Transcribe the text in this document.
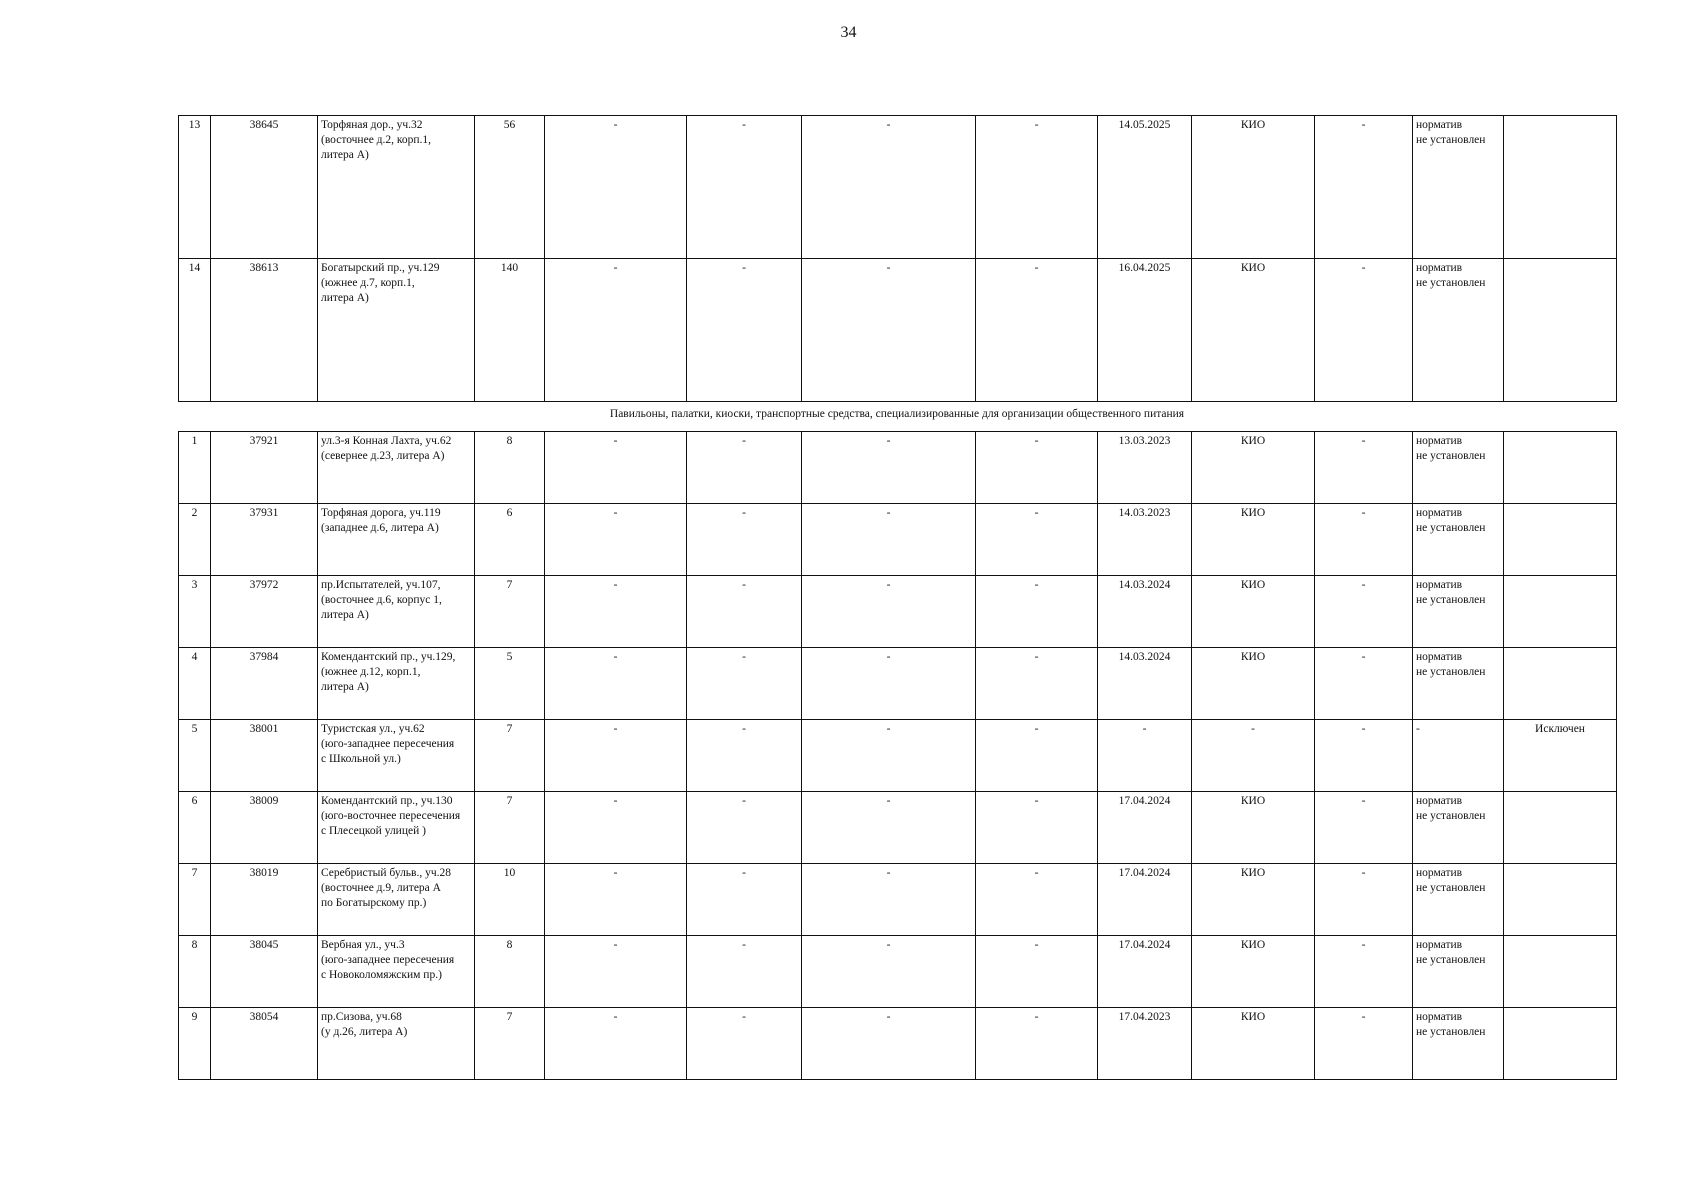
34
13	38645	Торфяная дор., уч.32
(восточнее д.2, корп.1,
литера А)	56	-	-	-	-	14.05.2025	КИО	-	норматив
не установлен	
14	38613	Богатырский пр., уч.129
(южнее д.7, корп.1,
литера А)	140	-	-	-	-	16.04.2025	КИО	-	норматив
не установлен	
Павильоны, палатки, киоски, транспортные средства, специализированные для организации общественного питания
1	37921	ул.3-я Конная Лахта, уч.62
(севернее д.23, литера А)	8	-	-	-	-	13.03.2023	КИО	-	норматив
не установлен	
2	37931	Торфяная дорога, уч.119
(западнее д.6, литера А)	6	-	-	-	-	14.03.2023	КИО	-	норматив
не установлен	
3	37972	пр.Испытателей, уч.107,
(восточнее д.6, корпус 1,
литера А)	7	-	-	-	-	14.03.2024	КИО	-	норматив
не установлен	
4	37984	Комендантский пр., уч.129,
(южнее д.12, корп.1,
литера А)	5	-	-	-	-	14.03.2024	КИО	-	норматив
не установлен	
5	38001	Туристская ул., уч.62
(юго-западнее пересечения
с Школьной ул.)	7	-	-	-	-	-	-	-	-	Исключен
6	38009	Комендантский пр., уч.130
(юго-восточнее пересечения
с Плесецкой улицей )	7	-	-	-	-	17.04.2024	КИО	-	норматив
не установлен	
7	38019	Серебристый бульв., уч.28
(восточнее д.9, литера А
по Богатырскому пр.)	10	-	-	-	-	17.04.2024	КИО	-	норматив
не установлен	
8	38045	Вербная ул., уч.3
(юго-западнее пересечения
с Новоколомяжским пр.)	8	-	-	-	-	17.04.2024	КИО	-	норматив
не установлен	
9	38054	пр.Сизова, уч.68
(у д.26, литера А)	7	-	-	-	-	17.04.2023	КИО	-	норматив
не установлен	
